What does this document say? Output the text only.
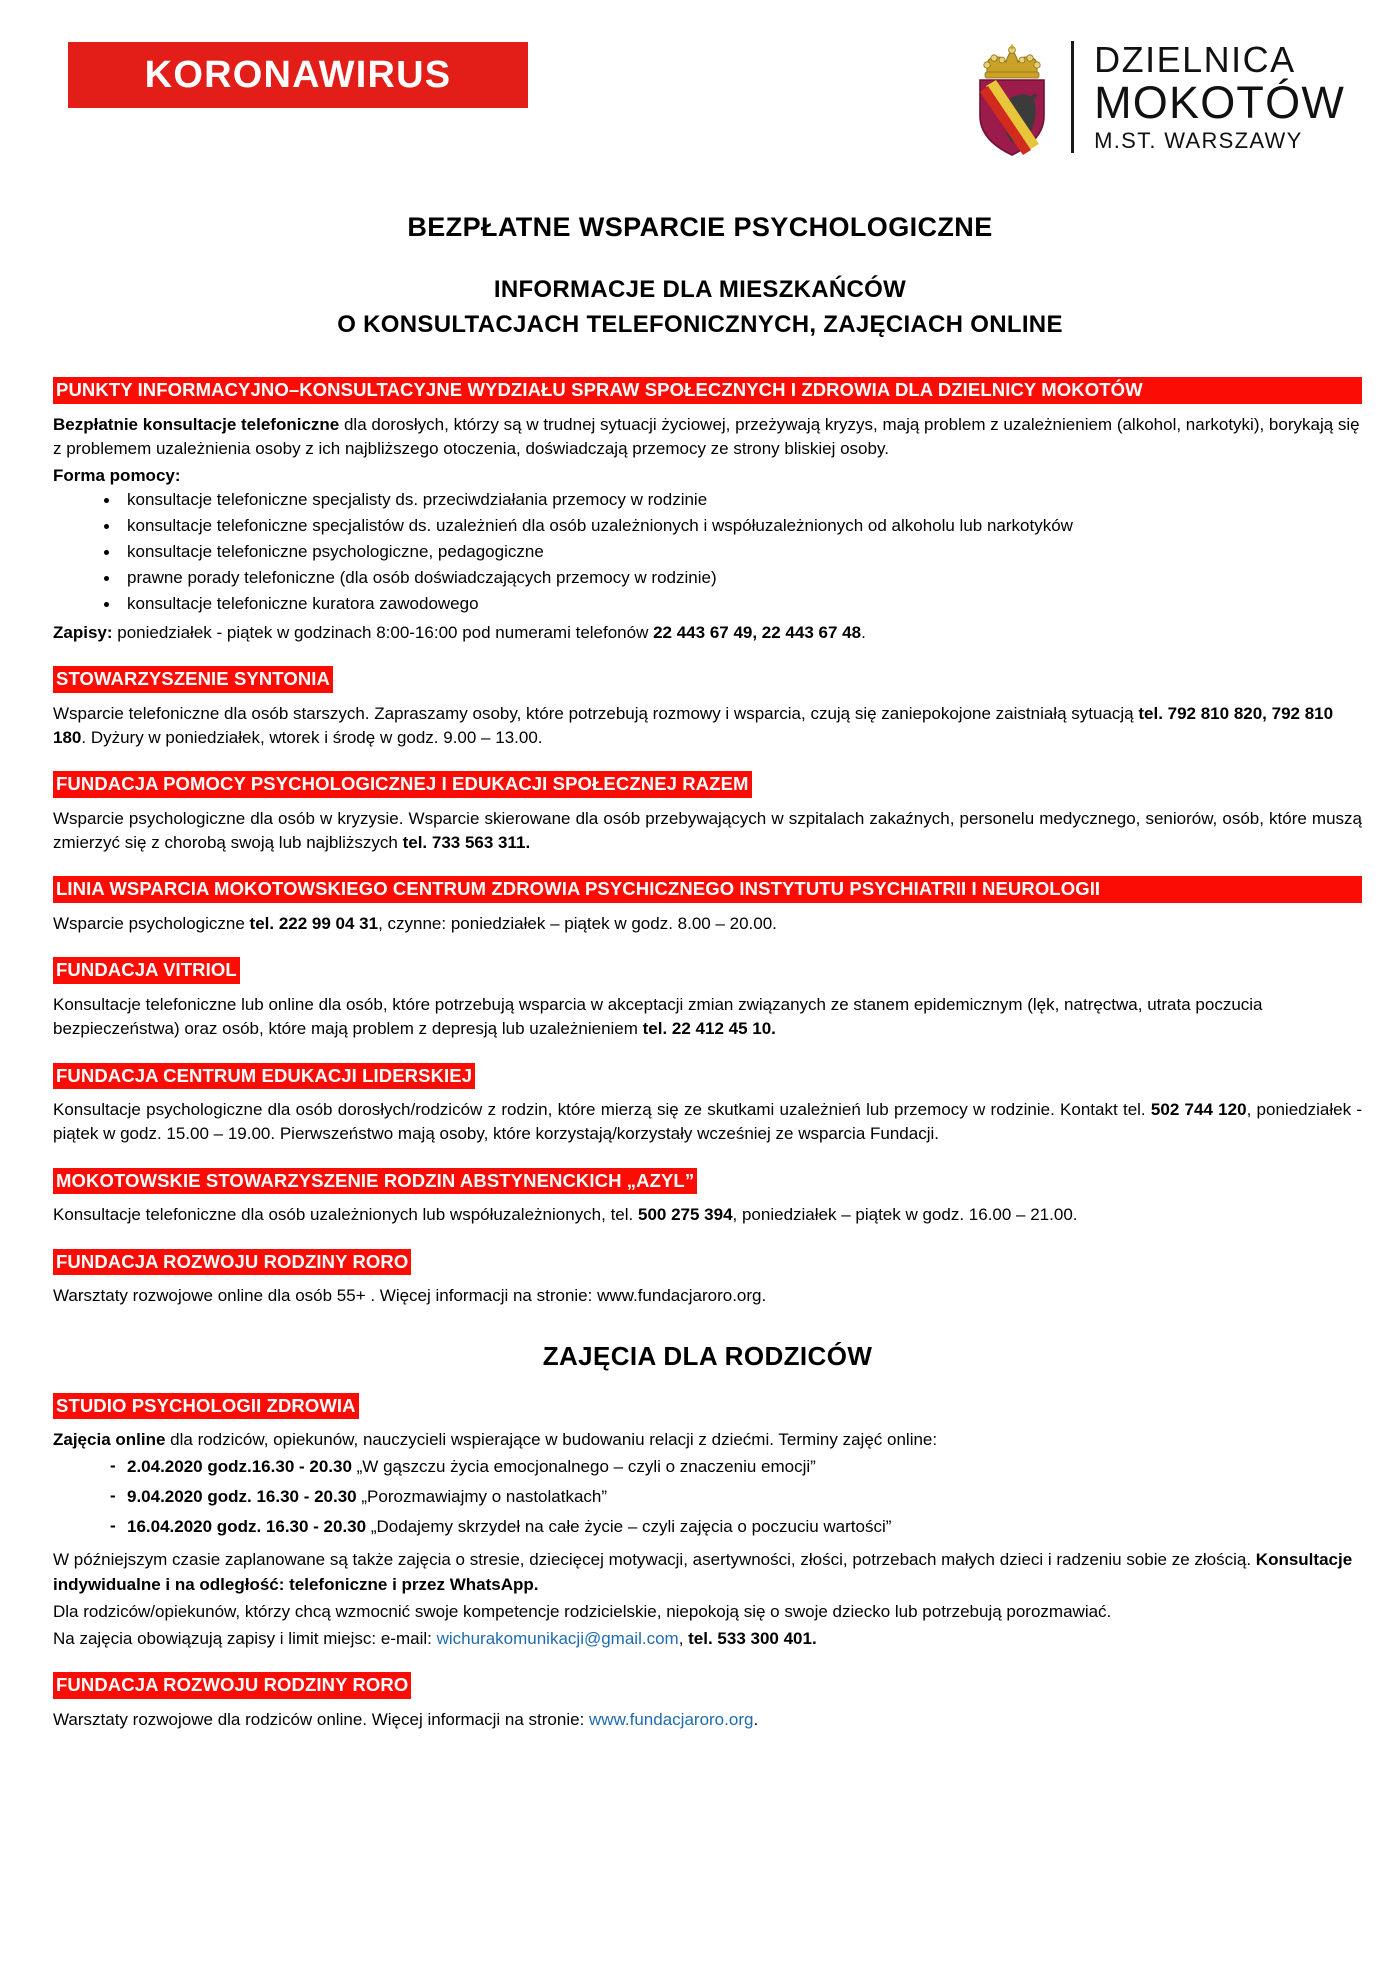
KORONAWIRUS	DZIELNICA
MOKOTÓW
M.ST. WARSZAWY
BEZPŁATNE WSPARCIE PSYCHOLOGICZNE
INFORMACJE DLA MIESZKAŃCÓW
O KONSULTACJACH TELEFONICZNYCH, ZAJĘCIACH ONLINE
PUNKTY INFORMACYJNO–KONSULTACYJNE WYDZIAŁU SPRAW SPOŁECZNYCH I ZDROWIA DLA DZIELNICY MOKOTÓW

Bezpłatnie konsultacje telefoniczne dla dorosłych, którzy są w trudnej sytuacji życiowej, przeżywają kryzys, mają problem z uzależnieniem (alkohol, narkotyki), borykają się z problemem uzależnienia osoby z ich najbliższego otoczenia, doświadczają przemocy ze strony bliskiej osoby.

Forma pomocy:

konsultacje telefoniczne specjalisty ds. przeciwdziałania przemocy w rodzinie
konsultacje telefoniczne specjalistów ds. uzależnień dla osób uzależnionych i współuzależnionych od alkoholu lub narkotyków
konsultacje telefoniczne psychologiczne, pedagogiczne
prawne porady telefoniczne (dla osób doświadczających przemocy w rodzinie)
konsultacje telefoniczne kuratora zawodowego

Zapisy: poniedziałek - piątek w godzinach 8:00-16:00 pod numerami telefonów 22 443 67 49, 22 443 67 48.

STOWARZYSZENIE SYNTONIA

Wsparcie telefoniczne dla osób starszych. Zapraszamy osoby, które potrzebują rozmowy i wsparcia, czują się zaniepokojone zaistniałą sytuacją tel. 792 810 820, 792 810 180. Dyżury w poniedziałek, wtorek i środę w godz. 9.00 – 13.00.

FUNDACJA POMOCY PSYCHOLOGICZNEJ I EDUKACJI SPOŁECZNEJ RAZEM

Wsparcie psychologiczne dla osób w kryzysie. Wsparcie skierowane dla osób przebywających w szpitalach zakaźnych, personelu medycznego, seniorów, osób, które muszą zmierzyć się z chorobą swoją lub najbliższych tel. 733 563 311.

LINIA WSPARCIA MOKOTOWSKIEGO CENTRUM ZDROWIA PSYCHICZNEGO INSTYTUTU PSYCHIATRII I NEUROLOGII

Wsparcie psychologiczne tel. 222 99 04 31, czynne: poniedziałek – piątek w godz. 8.00 – 20.00.

FUNDACJA VITRIOL

Konsultacje telefoniczne lub online dla osób, które potrzebują wsparcia w akceptacji zmian związanych ze stanem epidemicznym (lęk, natręctwa, utrata poczucia bezpieczeństwa) oraz osób, które mają problem z depresją lub uzależnieniem tel. 22 412 45 10.

FUNDACJA CENTRUM EDUKACJI LIDERSKIEJ

Konsultacje psychologiczne dla osób dorosłych/rodziców z rodzin, które mierzą się ze skutkami uzależnień lub przemocy w rodzinie. Kontakt tel. 502 744 120, poniedziałek - piątek w godz. 15.00 – 19.00. Pierwszeństwo mają osoby, które korzystają/korzystały wcześniej ze wsparcia Fundacji.

MOKOTOWSKIE STOWARZYSZENIE RODZIN ABSTYNENCKICH „AZYL”

Konsultacje telefoniczne dla osób uzależnionych lub współuzależnionych, tel. 500 275 394, poniedziałek – piątek w godz. 16.00 – 21.00.

FUNDACJA ROZWOJU RODZINY RORO

Warsztaty rozwojowe online dla osób 55+ . Więcej informacji na stronie: www.fundacjaroro.org.

ZAJĘCIA DLA RODZICÓW
STUDIO PSYCHOLOGII ZDROWIA

Zajęcia online dla rodziców, opiekunów, nauczycieli wspierające w budowaniu relacji z dziećmi. Terminy zajęć online:

- 2.04.2020 godz.16.30 - 20.30 „W gąszczu życia emocjonalnego – czyli o znaczeniu emocji”
- 9.04.2020 godz. 16.30 - 20.30 „Porozmawiajmy o nastolatkach”
- 16.04.2020 godz. 16.30 - 20.30 „Dodajemy skrzydeł na całe życie – czyli zajęcia o poczuciu wartości”

W późniejszym czasie zaplanowane są także zajęcia o stresie, dziecięcej motywacji, asertywności, złości, potrzebach małych dzieci i radzeniu sobie ze złością. Konsultacje indywidualne i na odległość: telefoniczne i przez WhatsApp.

Dla rodziców/opiekunów, którzy chcą wzmocnić swoje kompetencje rodzicielskie, niepokoją się o swoje dziecko lub potrzebują porozmawiać.

Na zajęcia obowiązują zapisy i limit miejsc: e-mail: wichurakomunikacji@gmail.com, tel. 533 300 401.

FUNDACJA ROZWOJU RODZINY RORO

Warsztaty rozwojowe dla rodziców online. Więcej informacji na stronie: www.fundacjaroro.org.
